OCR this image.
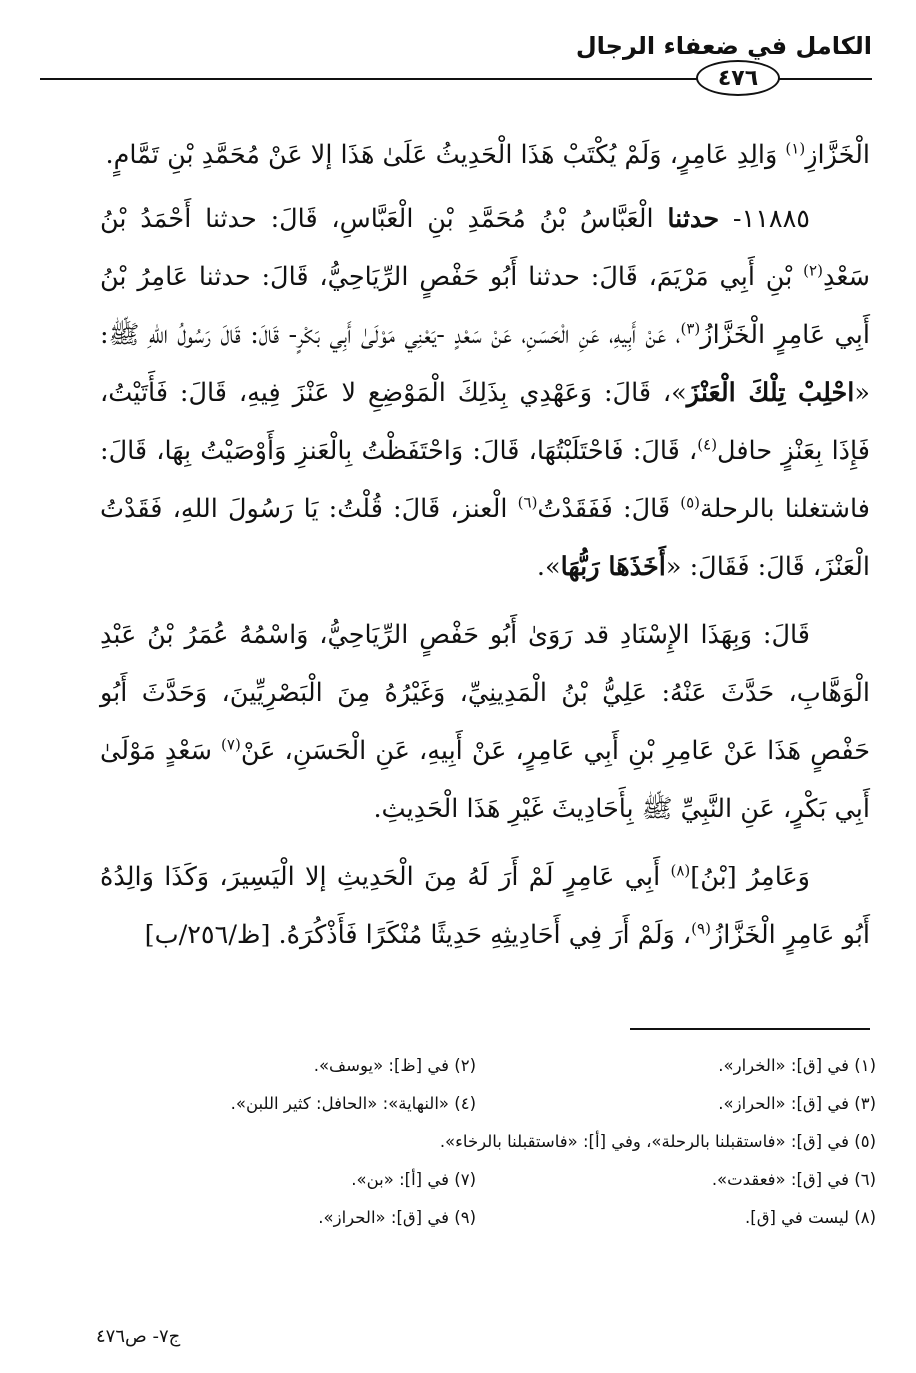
الكامل في ضعفاء الرجال
٤٧٦

الْخَزَّازِ$^{(١)}$ وَالِدِ عَامِرٍ، وَلَمْ يُكْتَبْ هَذَا الْحَدِيثُ عَلَىٰ هَذَا إلا عَنْ مُحَمَّدِ بْنِ تَمَّامٍ.

١١٨٨٥- حدثنا الْعَبَّاسُ بْنُ مُحَمَّدِ بْنِ الْعَبَّاسِ، قَالَ: حدثنا أَحْمَدُ بْنُ سَعْدِ$^{(٢)}$ بْنِ أَبِي مَرْيَمَ، قَالَ: حدثنا أَبُو حَفْصٍ الرِّيَاحِيُّ، قَالَ: حدثنا عَامِرُ بْنُ أَبِي عَامِرٍ الْخَزَّازُ$^{(٣)}$، عَنْ أَبِيهِ، عَنِ الْحَسَنِ، عَنْ سَعْدٍ -يَعْنِي مَوْلَىٰ أَبِي بَكْرٍ- قَالَ: قَالَ رَسُولُ اللهِ ﷺ: «احْلِبْ تِلْكَ الْعَنْزَ»، قَالَ: وَعَهْدِي بِذَلِكَ الْمَوْضِعِ لا عَنْزَ فِيهِ، قَالَ: فَأَتَيْتُ، فَإِذَا بِعَنْزٍ حافل$^{(٤)}$، قَالَ: فَاحْتَلَبْتُهَا، قَالَ: وَاحْتَفَظْتُ بِالْعَنزِ وَأَوْصَيْتُ بِهَا، قَالَ: فاشتغلنا بالرحلة$^{(٥)}$ قَالَ: فَفَقَدْتُ$^{(٦)}$ الْعنز، قَالَ: قُلْتُ: يَا رَسُولَ اللهِ، فَقَدْتُ الْعَنْزَ، قَالَ: فَقَالَ: «أَخَذَهَا رَبُّهَا».

قَالَ: وَبِهَذَا الإِسْنَادِ قد رَوَىٰ أَبُو حَفْصٍ الرِّيَاحِيُّ، وَاسْمُهُ عُمَرُ بْنُ عَبْدِ الْوَهَّابِ، حَدَّثَ عَنْهُ: عَلِيُّ بْنُ الْمَدِينِيِّ، وَغَيْرُهُ مِنَ الْبَصْرِيِّينَ، وَحَدَّثَ أَبُو حَفْصٍ هَذَا عَنْ عَامِرِ بْنِ أَبِي عَامِرٍ، عَنْ أَبِيهِ، عَنِ الْحَسَنِ، عَنْ$^{(٧)}$ سَعْدٍ مَوْلَىٰ أَبِي بَكْرٍ، عَنِ النَّبِيِّ ﷺ بِأَحَادِيثَ غَيْرِ هَذَا الْحَدِيثِ.

وَعَامِرُ [بْنُ]$^{(٨)}$ أَبِي عَامِرٍ لَمْ أَرَ لَهُ مِنَ الْحَدِيثِ إلا الْيَسِيرَ، وَكَذَا وَالِدُهُ أَبُو عَامِرٍ الْخَزَّازُ$^{(٩)}$، وَلَمْ أَرَ فِي أَحَادِيثِهِ حَدِيثًا مُنْكَرًا فَأَذْكُرَهُ. [ظ/٢٥٦/ب]

(١) في [ق]: «الخرار».
(٢) في [ظ]: «يوسف».
(٣) في [ق]: «الحراز».
(٤) «النهاية»: «الحافل: كثير اللبن».
(٥) في [ق]: «فاستقبلنا بالرحلة»، وفي [أ]: «فاستقبلنا بالرخاء».
(٦) في [ق]: «فعقدت».
(٧) في [أ]: «بن».
(٨) ليست في [ق].
(٩) في [ق]: «الحراز».
ج٧- ص٤٧٦
